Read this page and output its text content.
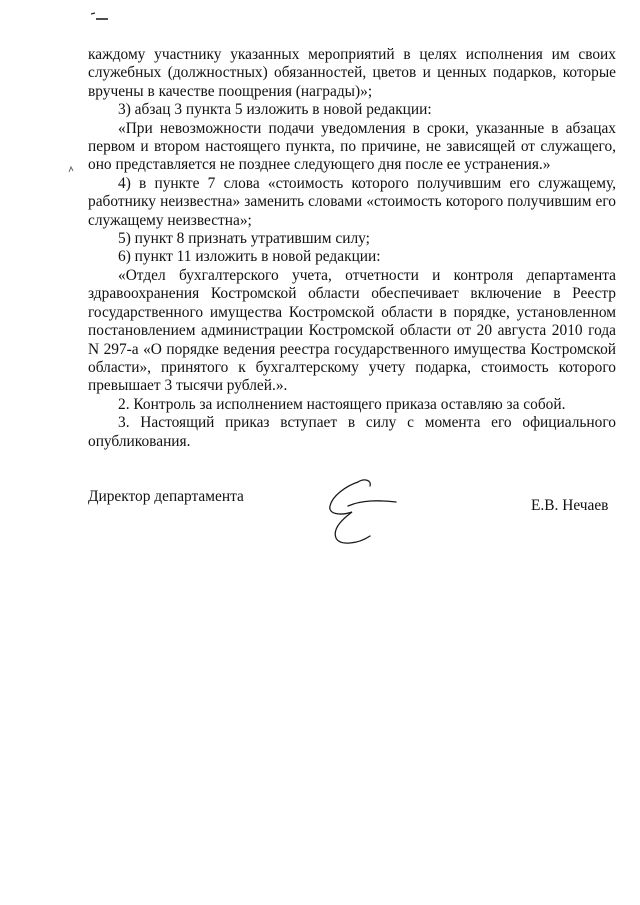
каждому участнику указанных мероприятий в целях исполнения им своих служебных (должностных) обязанностей, цветов и ценных подарков, которые вручены в качестве поощрения (награды)»;

3) абзац 3 пункта 5 изложить в новой редакции:

«При невозможности подачи уведомления в сроки, указанные в абзацах первом и втором настоящего пункта, по причине, не зависящей от служащего, оно представляется не позднее следующего дня после ее устранения.»

4) в пункте 7 слова «стоимость которого получившим его служащему, работнику неизвестна» заменить словами «стоимость которого получившим его служащему неизвестна»;

5) пункт 8 признать утратившим силу;

6) пункт 11 изложить в новой редакции:

«Отдел бухгалтерского учета, отчетности и контроля департамента здравоохранения Костромской области обеспечивает включение в Реестр государственного имущества Костромской области в порядке, установленном постановлением администрации Костромской области от 20 августа 2010 года N 297-а «О порядке ведения реестра государственного имущества Костромской области», принятого к бухгалтерскому учету подарка, стоимость которого превышает 3 тысячи рублей.».

2. Контроль за исполнением настоящего приказа оставляю за собой.

3. Настоящий приказ вступает в силу с момента его официального опубликования.

Директор департамента
Е.В. Нечаев
